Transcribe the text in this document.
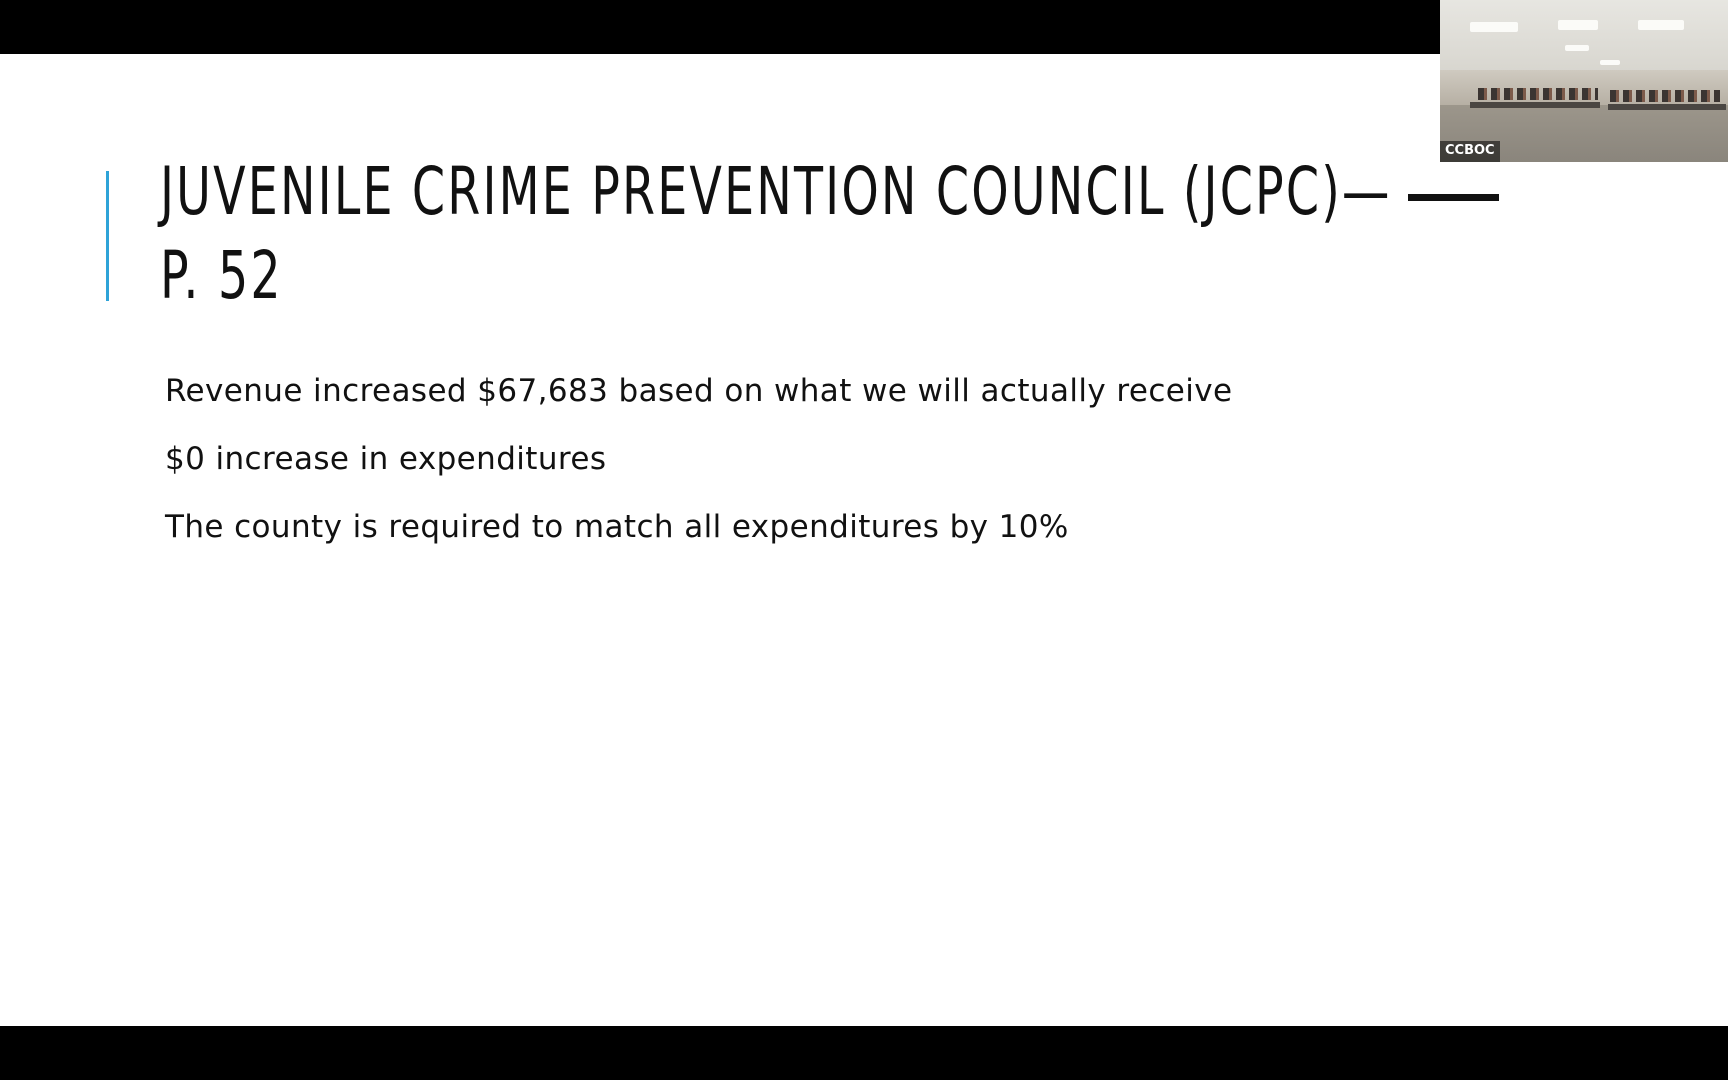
JUVENILE CRIME PREVENTION COUNCIL (JCPC)—
P. 52
Revenue increased $67,683 based on what we will actually receive
$0 increase in expenditures
The county is required to match all expenditures by 10%
CCBOC
